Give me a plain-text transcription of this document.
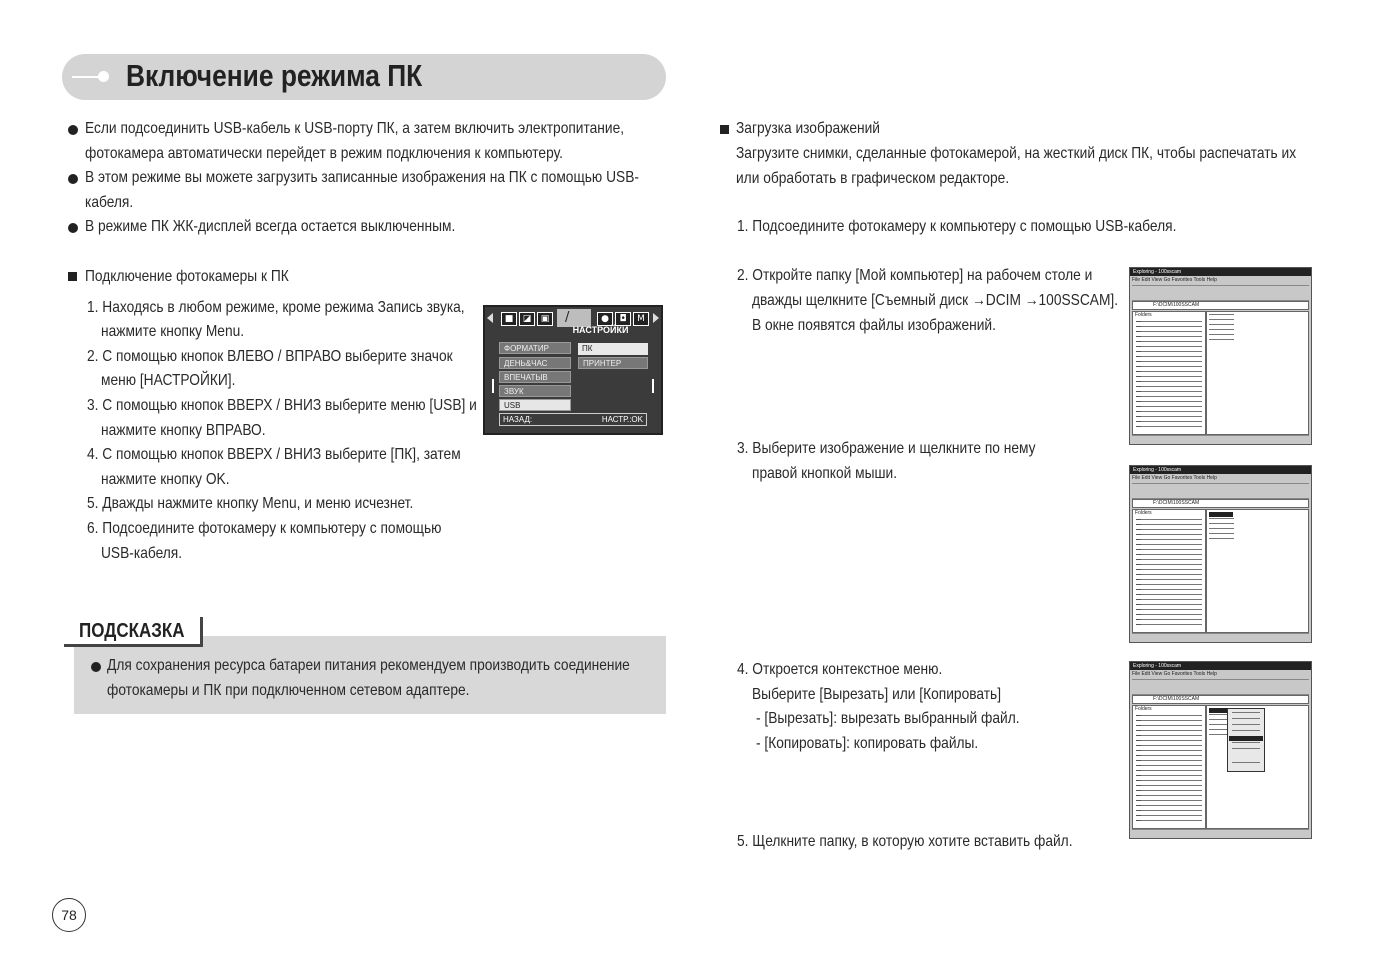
Включение режима ПК
Если подсоединить USB-кабель к USB-порту ПК, а затем включить электропитание,
фотокамера автоматически перейдет в режим подключения к компьютеру.
В этом режиме вы можете загрузить записанные изображения на ПК с помощью USB-
кабеля.
В режиме ПК ЖК-дисплей всегда остается выключенным.
Подключение фотокамеры к ПК
1. Находясь в любом режиме, кроме режима Запись звука,
нажмите кнопку Menu.
2. С помощью кнопок ВЛЕВО / ВПРАВО выберите значок
меню [НАСТРОЙКИ].
3. С помощью кнопок ВВЕРХ / ВНИЗ выберите меню [USB] и
нажмите кнопку ВПРАВО.
4. С помощью кнопок ВВЕРХ / ВНИЗ выберите [ПК], затем
нажмите кнопку OK.
5. Дважды нажмите кнопку Menu, и меню исчезнет.
6. Подсоедините фотокамеру к компьютеру с помощью
USB-кабеля.
■	◪	▣ /	●	◘	M
НАСТРОЙКИ
ФОРМАТИР
ДЕНЬ&ЧАС
ВПЕЧАТЫВ
ЗВУК
USB
ПК
ПРИНТЕР
НАЗАД:	НАСТР.:OK
ПОДСКАЗКА
Для сохранения ресурса батареи питания рекомендуем производить соединение
фотокамеры и ПК при подключенном сетевом адаптере.
78
Загрузка изображений
Загрузите снимки, сделанные фотокамерой, на жесткий диск ПК, чтобы распечатать их
или обработать в графическом редакторе.
1. Подсоедините фотокамеру к компьютеру с помощью USB-кабеля.
2. Откройте папку [Мой компьютер] на рабочем столе и
дважды щелкните [Съемный диск →DCIM →100SSCAM].
В окне появятся файлы изображений.
3. Выберите изображение и щелкните по нему
правой кнопкой мыши.
4. Откроется контекстное меню.
Выберите [Вырезать] или [Копировать]
- [Вырезать]: вырезать выбранный файл.
- [Копировать]: копировать файлы.
5. Щелкните папку, в которую хотите вставить файл.
Exploring - 100sscam
File Edit View Go Favorites Tools Help
F:\DCIM\100SSCAM
Folders
Exploring - 100sscam
File Edit View Go Favorites Tools Help
F:\DCIM\100SSCAM
Folders
Exploring - 100sscam
File Edit View Go Favorites Tools Help
F:\DCIM\100SSCAM
Folders
